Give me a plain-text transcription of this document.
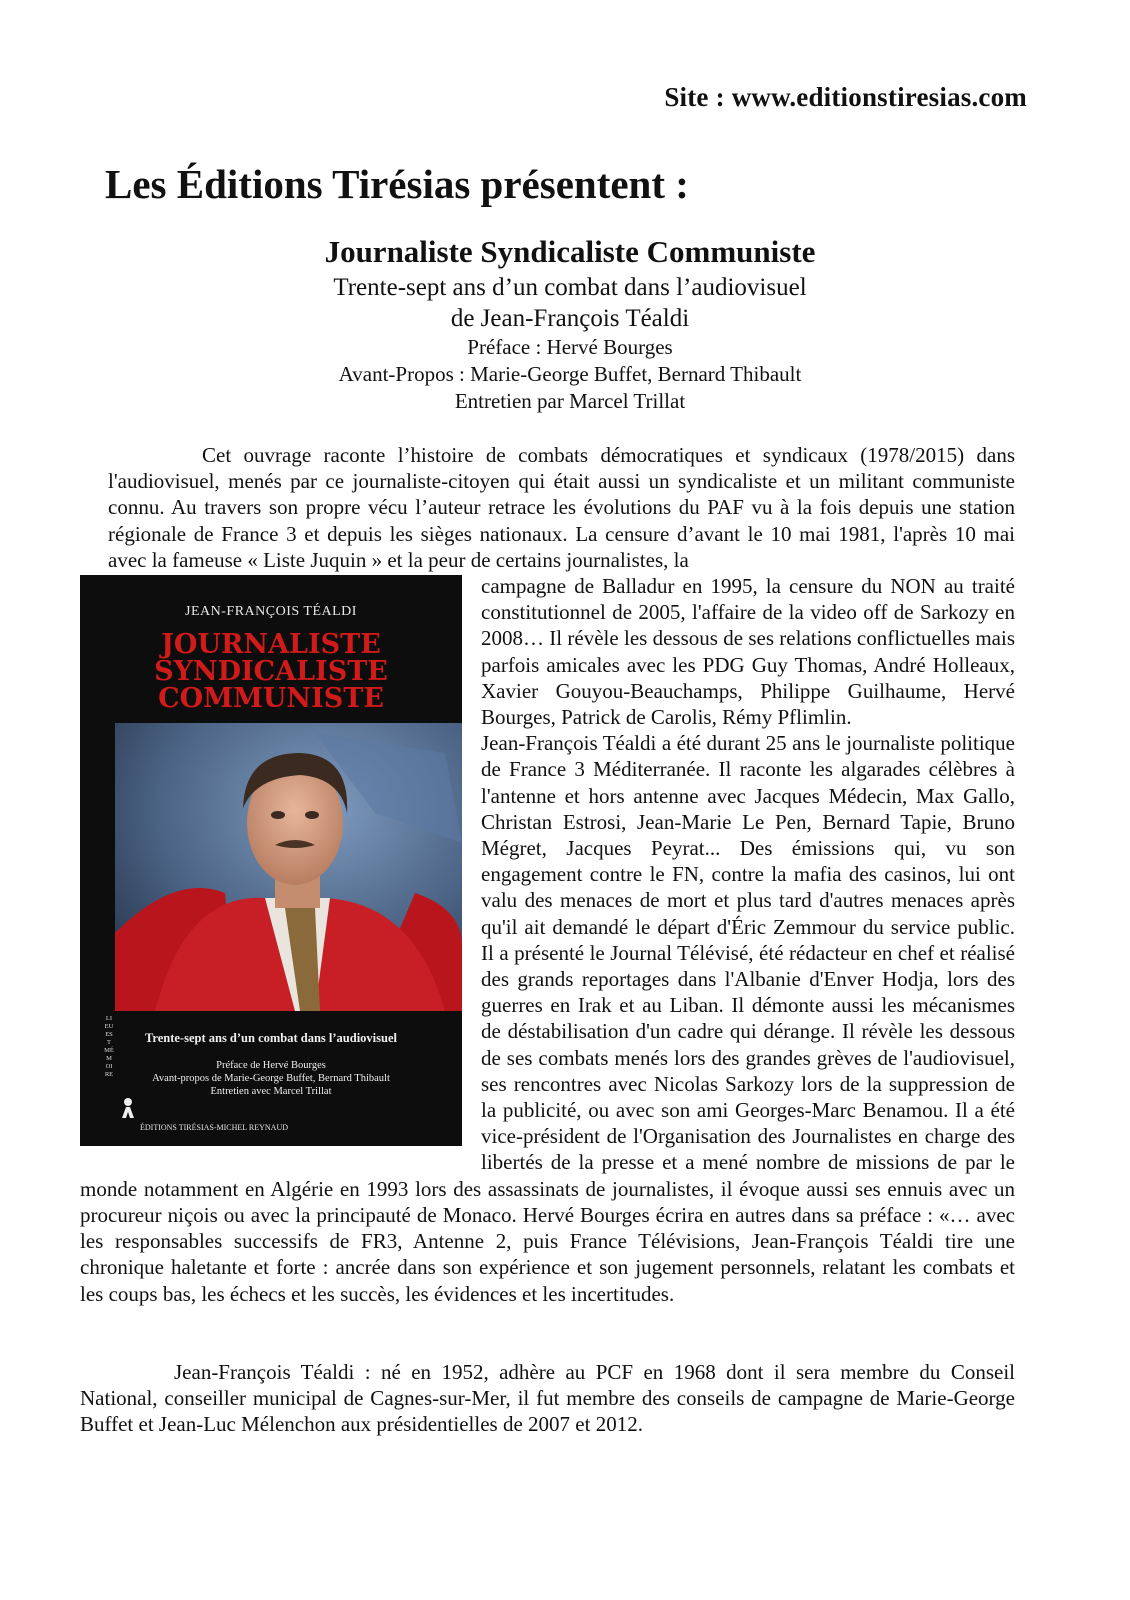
Site : www.editionstiresias.com
Les Éditions Tirésias présentent :
Journaliste Syndicaliste Communiste
Trente-sept ans d’un combat dans l’audiovisuel
de Jean-François Téaldi
Préface : Hervé Bourges
Avant-Propos : Marie-George Buffet, Bernard Thibault
Entretien par Marcel Trillat

Cet ouvrage raconte l’histoire de combats démocratiques et syndicaux (1978/2015) dans l'audiovisuel, menés par ce journaliste-citoyen qui était aussi un syndicaliste et un militant communiste connu. Au travers son propre vécu l’auteur retrace les évolutions du PAF vu à la fois depuis une station régionale de France 3 et depuis les sièges nationaux. La censure d’avant le 10 mai 1981, l'après 10 mai avec la fameuse « Liste Juquin » et la peur de certains journalistes, la

JEAN-FRANÇOIS TÉALDI
JOURNALISTE
SYNDICALISTE
COMMUNISTE
LIEU EST MÉMOIRE
Trente-sept ans d’un combat dans l’audiovisuel
Préface de Hervé Bourges
Avant-propos de Marie-George Buffet, Bernard Thibault
Entretien avec Marcel Trillat
ÉDITIONS TIRÉSIAS-MICHEL REYNAUD

campagne de Balladur en 1995, la censure du NON au traité constitutionnel de 2005, l'affaire de la video off de Sarkozy en 2008… Il révèle les dessous de ses relations conflictuelles mais parfois amicales avec les PDG Guy Thomas, André Holleaux, Xavier Gouyou-Beauchamps, Philippe Guilhaume, Hervé Bourges, Patrick de Carolis, Rémy Pflimlin.

Jean-François Téaldi a été durant 25 ans le journaliste politique de France 3 Méditerranée. Il raconte les algarades célèbres à l'antenne et hors antenne avec Jacques Médecin, Max Gallo, Christan Estrosi, Jean-Marie Le Pen, Bernard Tapie, Bruno Mégret, Jacques Peyrat... Des émissions qui, vu son engagement contre le FN, contre la mafia des casinos, lui ont valu des menaces de mort et plus tard d'autres menaces après qu'il ait demandé le départ d'Éric Zemmour du service public. Il a présenté le Journal Télévisé, été rédacteur en chef et réalisé des grands reportages dans l'Albanie d'Enver Hodja, lors des guerres en Irak et au Liban. Il démonte aussi les mécanismes de déstabilisation d'un cadre qui dérange. Il révèle les dessous de ses combats menés lors des grandes grèves de l'audiovisuel, ses rencontres avec Nicolas Sarkozy lors de la suppression de la publicité, ou avec son ami Georges-Marc Benamou. Il a été vice-président de l'Organisation des Journalistes en charge des libertés de la presse et a mené nombre de missions de par le monde notamment en Algérie en 1993 lors des assassinats de journalistes, il évoque aussi ses ennuis avec un procureur niçois ou avec la principauté de Monaco. Hervé Bourges écrira en autres dans sa préface : «… avec les responsables successifs de FR3, Antenne 2, puis France Télévisions, Jean-François Téaldi tire une chronique haletante et forte : ancrée dans son expérience et son jugement personnels, relatant les combats et les coups bas, les échecs et les succès, les évidences et les incertitudes.

Jean-François Téaldi : né en 1952, adhère au PCF en 1968 dont il sera membre du Conseil National, conseiller municipal de Cagnes-sur-Mer, il fut membre des conseils de campagne de Marie-George Buffet et Jean-Luc Mélenchon aux présidentielles de 2007 et 2012.
